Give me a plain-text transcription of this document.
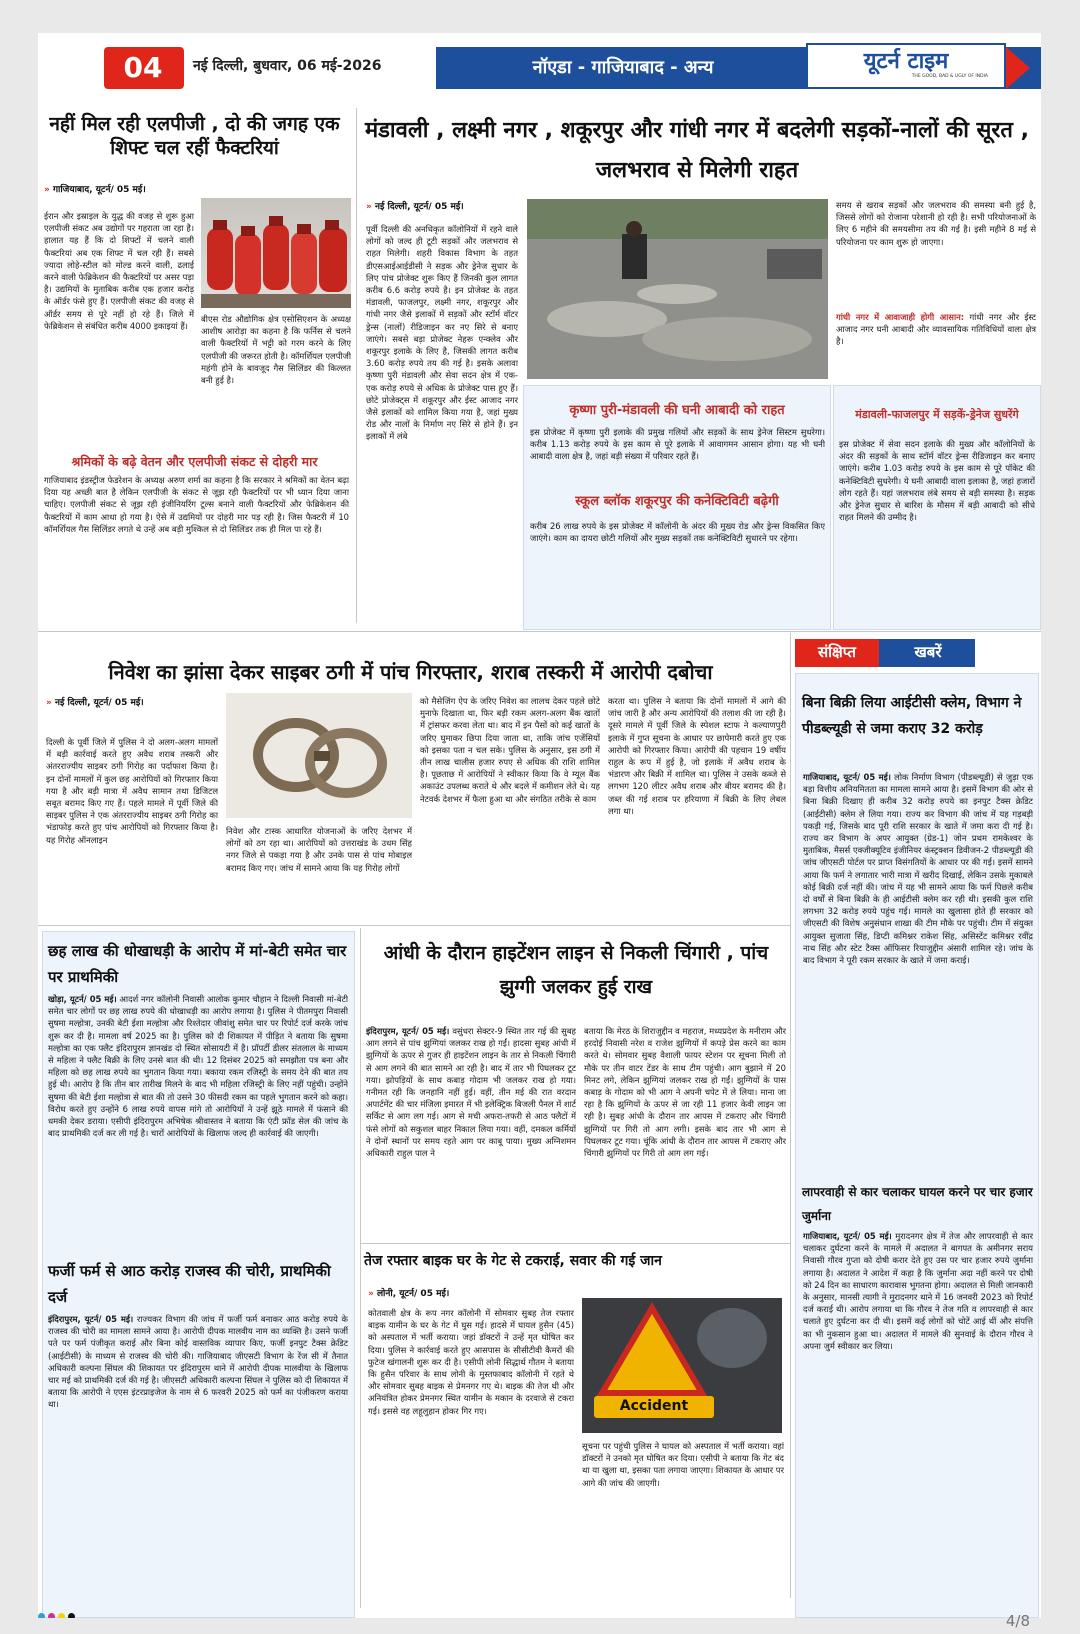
04	नई दिल्ली, बुधवार, 06 मई-2026	नॉएडा - गाजियाबाद - अन्य	यूटर्न टाइम
THE GOOD, BAD & UGLY OF INDIA
नहीं मिल रही एलपीजी , दो की जगह एक शिफ्ट चल रहीं फैक्टरियां
» गाजियाबाद, यूटर्न/ 05 मई।
ईरान और इस्राइल के युद्ध की वजह से शुरू हुआ एलपीजी संकट अब उद्योगों पर गहराता जा रहा है। हालात यह हैं कि दो शिफ्टों में चलने वाली फैक्टरियां अब एक शिफ्ट में चल रही हैं। सबसे ज्यादा लोहे-स्टील को मोल्ड करने वाली, ढलाई करने वाली फेब्रिकेशन की फैक्टरियों पर असर पड़ा है। उद्यमियों के मुताबिक करीब एक हजार करोड़ के ऑर्डर फंसे हुए हैं। एलपीजी संकट की वजह से ऑर्डर समय से पूरे नहीं हो रहे हैं। जिले में फेब्रिकेशन से संबंधित करीब 4000 इकाइयां हैं।
बीएस रोड औद्योगिक क्षेत्र एसोसिएशन के अध्यक्ष आशीष आरोड़ा का कहना है कि फर्निस से चलने वाली फैक्टरियों में भट्टी को गरम करने के लिए एलपीजी की जरूरत होती है। कॉमर्शियल एलपीजी महंगी होने के बावजूद गैस सिलिंडर की किल्लत बनी हुई है।
श्रमिकों के बढ़े वेतन और एलपीजी संकट से दोहरी मार
गाजियाबाद इंडस्ट्रीज फेडरेशन के अध्यक्ष अरुण शर्मा का कहना है कि सरकार ने श्रमिकों का वेतन बढ़ा दिया यह अच्छी बात है लेकिन एलपीजी के संकट से जूझ रही फैक्टरियों पर भी ध्यान दिया जाना चाहिए। एलपीजी संकट से जूझ रही इंजीनियरिंग टूल्स बनाने वाली फैक्टरियों और फेब्रिकेशन की फैक्टरियों में काम आधा हो गया है। ऐसे में उद्यमियों पर दोहरी मार पड़ रही है। जिस फैक्टरी में 10 कॉमर्शियल गैस सिलिंडर लगते थे उन्हें अब बड़ी मुश्किल से दो सिलिंडर तक ही मिल पा रहे हैं।
मंडावली , लक्ष्मी नगर , शकूरपुर और गांधी नगर में बदलेगी सड़कों-नालों की सूरत , जलभराव से मिलेगी राहत
» नई दिल्ली, यूटर्न/ 05 मई।
पूर्वी दिल्ली की अनधिकृत कॉलोनियों में रहने वाले लोगों को जल्द ही टूटी सड़कों और जलभराव से राहत मिलेगी। शहरी विकास विभाग के तहत डीएसआईआईडीसी ने सड़क और ड्रेनेज सुधार के लिए पांच प्रोजेक्ट शुरू किए हैं जिनकी कुल लागत करीब 6.6 करोड़ रुपये है। इन प्रोजेक्ट के तहत मंडावली, फाजलपुर, लक्ष्मी नगर, शकूरपुर और गांधी नगर जैसे इलाकों में सड़कों और स्टॉर्म वॉटर ड्रेन्स (नालों) रीडिजाइन कर नए सिरे से बनाए जाएंगे। सबसे बड़ा प्रोजेक्ट नेहरू एन्क्लेव और शकूरपुर इलाके के लिए है, जिसकी लागत करीब 3.60 करोड़ रुपये तय की गई है। इसके अलावा कृष्णा पुरी मंडावली और सेवा सदन क्षेत्र में एक-एक करोड़ रुपये से अधिक के प्रोजेक्ट पास हुए हैं। छोटे प्रोजेक्ट्स में शकूरपुर और ईस्ट आजाद नगर जैसे इलाकों को शामिल किया गया है, जहां मुख्य रोड और नालों के निर्माण नए सिरे से होने हैं। इन इलाकों में लंबे
समय से खराब सड़कों और जलभराव की समस्या बनी हुई है, जिससे लोगों को रोजाना परेशानी हो रही है। सभी परियोजनाओं के लिए 6 महीने की समयसीमा तय की गई है। इसी महीने 8 मई से परियोजना पर काम शुरू हो जाएगा।
गांधी नगर में आवाजाही होगी आसान: गांधी नगर और ईस्ट आजाद नगर घनी आबादी और व्यावसायिक गतिविधियों वाला क्षेत्र है।
कृष्णा पुरी-मंडावली की घनी आबादी को राहत
इस प्रोजेक्ट में कृष्णा पुरी इलाके की प्रमुख गलियों और सड़कों के साथ ड्रेनेज सिस्टम सुधरेगा। करीब 1.13 करोड़ रुपये के इस काम से पूरे इलाके में आवागमन आसान होगा। यह भी घनी आबादी वाला क्षेत्र है, जहां बड़ी संख्या में परिवार रहते हैं।
स्कूल ब्लॉक शकूरपुर की कनेक्टिविटी बढ़ेगी
करीब 26 लाख रुपये के इस प्रोजेक्ट में कॉलोनी के अंदर की मुख्य रोड और ड्रेन्स विकसित किए जाएंगे। काम का दायरा छोटी गलियों और मुख्य सड़कों तक कनेक्टिविटी सुधारने पर रहेगा।
मंडावली-फाजलपुर में सड़कें-ड्रेनेज सुधरेंगे
इस प्रोजेक्ट में सेवा सदन इलाके की मुख्य और कॉलोनियों के अंदर की सड़कों के साथ स्टॉर्म वॉटर ड्रेन्स रीडिजाइन कर बनाए जाएंगे। करीब 1.03 करोड़ रुपये के इस काम से पूरे पॉकेट की कनेक्टिविटी सुधरेगी। ये घनी आबादी वाला इलाका है, जहां हजारों लोग रहते हैं। यहां जलभराव लंबे समय से बड़ी समस्या है। सड़क और ड्रेनेज सुधार से बारिश के मौसम में बड़ी आबादी को सीधे राहत मिलने की उम्मीद है।
निवेश का झांसा देकर साइबर ठगी में पांच गिरफ्तार, शराब तस्करी में आरोपी दबोचा
» नई दिल्ली, यूटर्न/ 05 मई।
दिल्ली के पूर्वी जिले में पुलिस ने दो अलग-अलग मामलों में बड़ी कार्रवाई करते हुए अवैध शराब तस्करी और अंतरराज्यीय साइबर ठगी गिरोह का पर्दाफाश किया है। इन दोनों मामलों में कुल छह आरोपियों को गिरफ्तार किया गया है और बड़ी मात्रा में अवैध सामान तथा डिजिटल सबूत बरामद किए गए हैं। पहले मामले में पूर्वी जिले की साइबर पुलिस ने एक अंतरराज्यीय साइबर ठगी गिरोह का भंडाफोड़ करते हुए पांच आरोपियों को गिरफ्तार किया है। यह गिरोह ऑनलाइन
निवेश और टास्क आधारित योजनाओं के जरिए देशभर में लोगों को ठग रहा था। आरोपियों को उत्तराखंड के उधम सिंह नगर जिले से पकड़ा गया है और उनके पास से पांच मोबाइल बरामद किए गए। जांच में सामने आया कि यह गिरोह लोगों
को मैसेजिंग ऐप के जरिए निवेश का लालच देकर पहले छोटे मुनाफे दिखाता था, फिर बड़ी रकम अलग-अलग बैंक खातों में ट्रांसफर करवा लेता था। बाद में इन पैसों को कई खातों के जरिए घुमाकर छिपा दिया जाता था, ताकि जांच एजेंसियों को इसका पता न चल सके। पुलिस के अनुसार, इस ठगी में तीन लाख चालीस हजार रुपए से अधिक की राशि शामिल है। पूछताछ में आरोपियों ने स्वीकार किया कि वे म्यूल बैंक अकाउंट उपलब्ध कराते थे और बदले में कमीशन लेते थे। यह नेटवर्क देशभर में फैला हुआ था और संगठित तरीके से काम
करता था। पुलिस ने बताया कि दोनों मामलों में आगे की जांच जारी है और अन्य आरोपियों की तलाश की जा रही है। दूसरे मामले में पूर्वी जिले के स्पेशल स्टाफ ने कल्याणपुरी इलाके में गुप्त सूचना के आधार पर छापेमारी करते हुए एक आरोपी को गिरफ्तार किया। आरोपी की पहचान 19 वर्षीय राहुल के रूप में हुई है, जो इलाके में अवैध शराब के भंडारण और बिक्री में शामिल था। पुलिस ने उसके कब्जे से लगभग 120 लीटर अवैध शराब और बीयर बरामद की है। जब्त की गई शराब पर हरियाणा में बिक्री के लिए लेबल लगा था।
संक्षिप्त	खबरें
बिना बिक्री लिया आईटीसी क्लेम, विभाग ने पीडब्ल्यूडी से जमा कराए 32 करोड़
गाजियाबाद, यूटर्न/ 05 मई। लोक निर्माण विभाग (पीडब्ल्यूडी) से जुड़ा एक बड़ा वित्तीय अनियमितता का मामला सामने आया है। इसमें विभाग की ओर से बिना बिक्री दिखाए ही करीब 32 करोड़ रुपये का इनपुट टैक्स क्रेडिट (आईटीसी) क्लेम ले लिया गया। राज्य कर विभाग की जांच में यह गड़बड़ी पकड़ी गई, जिसके बाद पूरी राशि सरकार के खाते में जमा करा दी गई है। राज्य कर विभाग के अपर आयुक्त (ग्रेड-1) जोन प्रथम रामकेश्वर के मुताबिक, मैसर्स एक्जीक्यूटिव इंजीनियर कंस्ट्रक्शन डिवीजन-2 पीडब्ल्यूडी की जांच जीएसटी पोर्टल पर प्राप्त विसंगतियों के आधार पर की गई। इसमें सामने आया कि फर्म ने लगातार भारी मात्रा में खरीद दिखाई, लेकिन उसके मुकाबले कोई बिक्री दर्ज नहीं की। जांच में यह भी सामने आया कि फर्म पिछले करीब दो वर्षों से बिना बिक्री के ही आईटीसी क्लेम कर रही थी। इसकी कुल राशि लगभग 32 करोड़ रुपये पहुंच गई। मामले का खुलासा होते ही सरकार को जीएसटी की विशेष अनुसंधान शाखा की टीम मौके पर पहुंची। टीम में संयुक्त आयुक्त सुजाता सिंह, डिप्टी कमिश्नर राकेश सिंह, असिस्टेंट कमिश्नर रवींद्र नाथ सिंह और स्टेट टैक्स ऑफिसर रियाजुद्दीन अंसारी शामिल रहे। जांच के बाद विभाग ने पूरी रकम सरकार के खाते में जमा कराई।
लापरवाही से कार चलाकर घायल करने पर चार हजार जुर्माना
गाजियाबाद, यूटर्न/ 05 मई। मुरादनगर क्षेत्र में तेज और लापरवाही से कार चलाकर दुर्घटना करने के मामले में अदालत ने बागपत के अमीनगर सराय निवासी गौरव गुप्ता को दोषी करार देते हुए उस पर चार हजार रुपये जुर्माना लगाया है। अदालत ने आदेश में कहा है कि जुर्माना अदा नहीं करने पर दोषी को 24 दिन का साधारण कारावास भुगतना होगा। अदालत से मिली जानकारी के अनुसार, मानसी त्यागी ने मुरादनगर थाने में 16 जनवरी 2023 को रिपोर्ट दर्ज कराई थी। आरोप लगाया था कि गौरव ने तेज गति व लापरवाही से कार चलाते हुए दुर्घटना कर दी थी। इसमें कई लोगों को चोटें आई थीं और संपत्ति का भी नुकसान हुआ था। अदालत में मामले की सुनवाई के दौरान गौरव ने अपना जुर्म स्वीकार कर लिया।
छह लाख की धोखाधड़ी के आरोप में मां-बेटी समेत चार पर प्राथमिकी
खोड़ा, यूटर्न/ 05 मई। आदर्श नगर कॉलोनी निवासी आलोक कुमार चौहान ने दिल्ली निवासी मां-बेटी समेत चार लोगों पर छह लाख रुपये की धोखाधड़ी का आरोप लगाया है। पुलिस ने पीतमपुरा निवासी सुषमा मल्होत्रा, उनकी बेटी ईशा मल्होत्रा और रिश्तेदार जीवांशु समेत चार पर रिपोर्ट दर्ज करके जांच शुरू कर दी है। मामला वर्ष 2025 का है। पुलिस को दी शिकायत में पीड़ित ने बताया कि सुषमा मल्होत्रा का एक फ्लैट इंदिरापुरम ज्ञानखंड दो स्थित सोसायटी में है। प्रॉपर्टी डीलर संतलाल के माध्यम से महिला ने फ्लैट बिक्री के लिए उनसे बात की थी। 12 दिसंबर 2025 को समझौता पत्र बना और महिला को छह लाख रुपये का भुगतान किया गया। बकाया रकम रजिस्ट्री के समय देने की बात तय हुई थी। आरोप है कि तीन बार तारीख मिलने के बाद भी महिला रजिस्ट्री के लिए नहीं पहुंची। उन्होंने सुषमा की बेटी ईशा मल्होत्रा से बात की तो उसने 30 फीसदी रकम का पहले भुगतान करने को कहा। विरोध करते हुए उन्होंने 6 लाख रुपये वापस मांगे तो आरोपियों ने उन्हें झूठे मामले में फंसाने की धमकी देकर डराया। एसीपी इंदिरापुरम अभिषेक श्रीवास्तव ने बताया कि एंटी फ्रॉड सेल की जांच के बाद प्राथमिकी दर्ज कर ली गई है। चारों आरोपियों के खिलाफ जल्द ही कार्रवाई की जाएगी।
फर्जी फर्म से आठ करोड़ राजस्व की चोरी, प्राथमिकी दर्ज
इंदिरापुरम, यूटर्न/ 05 मई। राज्यकर विभाग की जांच में फर्जी फर्म बनाकर आठ करोड़ रुपये के राजस्व की चोरी का मामला सामने आया है। आरोपी दीपक मालवीय नाम का व्यक्ति है। उसने फर्जी पते पर फर्म पंजीकृत कराई और बिना कोई वास्तविक व्यापार किए, फर्जी इनपुट टैक्स क्रेडिट (आईटीसी) के माध्यम से राजस्व की चोरी की। गाजियाबाद जीएसटी विभाग के रेंज सी में तैनात अधिकारी कल्पना सिंघल की शिकायत पर इंदिरापुरम थाने में आरोपी दीपक मालवीया के खिलाफ चार मई को प्राथमिकी दर्ज की गई है। जीएसटी अधिकारी कल्पना सिंघल ने पुलिस को दी शिकायत में बताया कि आरोपी ने एएस इंटरप्राइजेज के नाम से 6 फरवरी 2025 को फर्म का पंजीकरण कराया था।
आंधी के दौरान हाइटेंशन लाइन से निकली चिंगारी , पांच झुग्गी जलकर हुई राख
इंदिरापुरम, यूटर्न/ 05 मई। वसुंधरा सेक्टर-9 स्थित तार गई की सुबह आग लगने से पांच झुग्गियां जलकर राख हो गईं। हादसा सुबह आंधी में झुग्गियों के ऊपर से गुजर ही हाइटेंशन लाइन के तार से निकली चिंगारी से आग लगने की बात सामने आ रही है। बाद में तार भी पिघलकर टूट गया। झोपड़ियों के साथ कबाड़ गोदाम भी जलकर राख हो गया। गनीमत रही कि जनहानि नहीं हुई। वहीं, तीन मई की रात वरदान अपार्टमेंट की चार मंजिला इमारत में भी इलेक्ट्रिक बिजली पैनल में शार्ट सर्किट से आग लग गई। आग से मची अफरा-तफरी से आठ फ्लैटों में फंसे लोगों को सकुशल बाहर निकाल लिया गया। वहीं, दमकल कर्मियों ने दोनों स्थानों पर समय रहते आग पर काबू पाया। मुख्य अग्निशमन अधिकारी राहुल पाल ने
बताया कि मेरठ के शिराजुद्दीन व महराज, मध्यप्रदेश के मनीराम और हरदोई निवासी नरेश व राजेश झुग्गियों में कपड़े प्रेस करने का काम करते थे। सोमवार सुबह वैशाली फायर स्टेशन पर सूचना मिली तो मौके पर तीन वाटर टेंडर के साथ टीम पहुंची। आग बुझाने में 20 मिनट लगे, लेकिन झुग्गियां जलकर राख हो गईं। झुग्गियों के पास कबाड़ के गोदाम को भी आग ने अपनी चपेट में ले लिया। माना जा रहा है कि झुग्गियों के ऊपर से जा रही 11 हजार केवी लाइन जा रही है। सुबह आंधी के दौरान तार आपस में टकराए और चिंगारी झुग्गियों पर गिरी तो आग लगी। इसके बाद तार भी आग से पिघलकर टूट गया। चूंकि आंधी के दौरान तार आपस में टकराए और चिंगारी झुग्गियों पर गिरी तो आग लग गई।
तेज रफ्तार बाइक घर के गेट से टकराई, सवार की गई जान
» लोनी, यूटर्न/ 05 मई।
कोतवाली क्षेत्र के रूप नगर कॉलोनी में सोमवार सुबह तेज रफ्तार बाइक यामीन के घर के गेट में घुस गई। हादसे में घायल हुसैन (45) को अस्पताल में भर्ती कराया। जहां डॉक्टरों ने उन्हें मृत घोषित कर दिया। पुलिस ने कार्रवाई करते हुए आसपास के सीसीटीवी कैमरों की फुटेज खंगालनी शुरू कर दी है। एसीपी लोनी सिद्धार्थ गौतम ने बताया कि हुसैन परिवार के साथ लोनी के मुस्तफाबाद कॉलोनी में रहते थे और सोमवार सुबह बाइक से प्रेमनगर गए थे। बाइक की तेज थी और अनियंत्रित होकर प्रेमनगर स्थित यामीन के मकान के दरवाजे से टकरा गई। इससे वह लहूलुहान होकर गिर गए।	Accident
सूचना पर पहुंची पुलिस ने घायल को अस्पताल में भर्ती कराया। वहां डॉक्टरों ने उनको मृत घोषित कर दिया। एसीपी ने बताया कि गेट बंद था या खुला था, इसका पता लगाया जाएगा। शिकायत के आधार पर आगे की जांच की जाएगी।
4/8
